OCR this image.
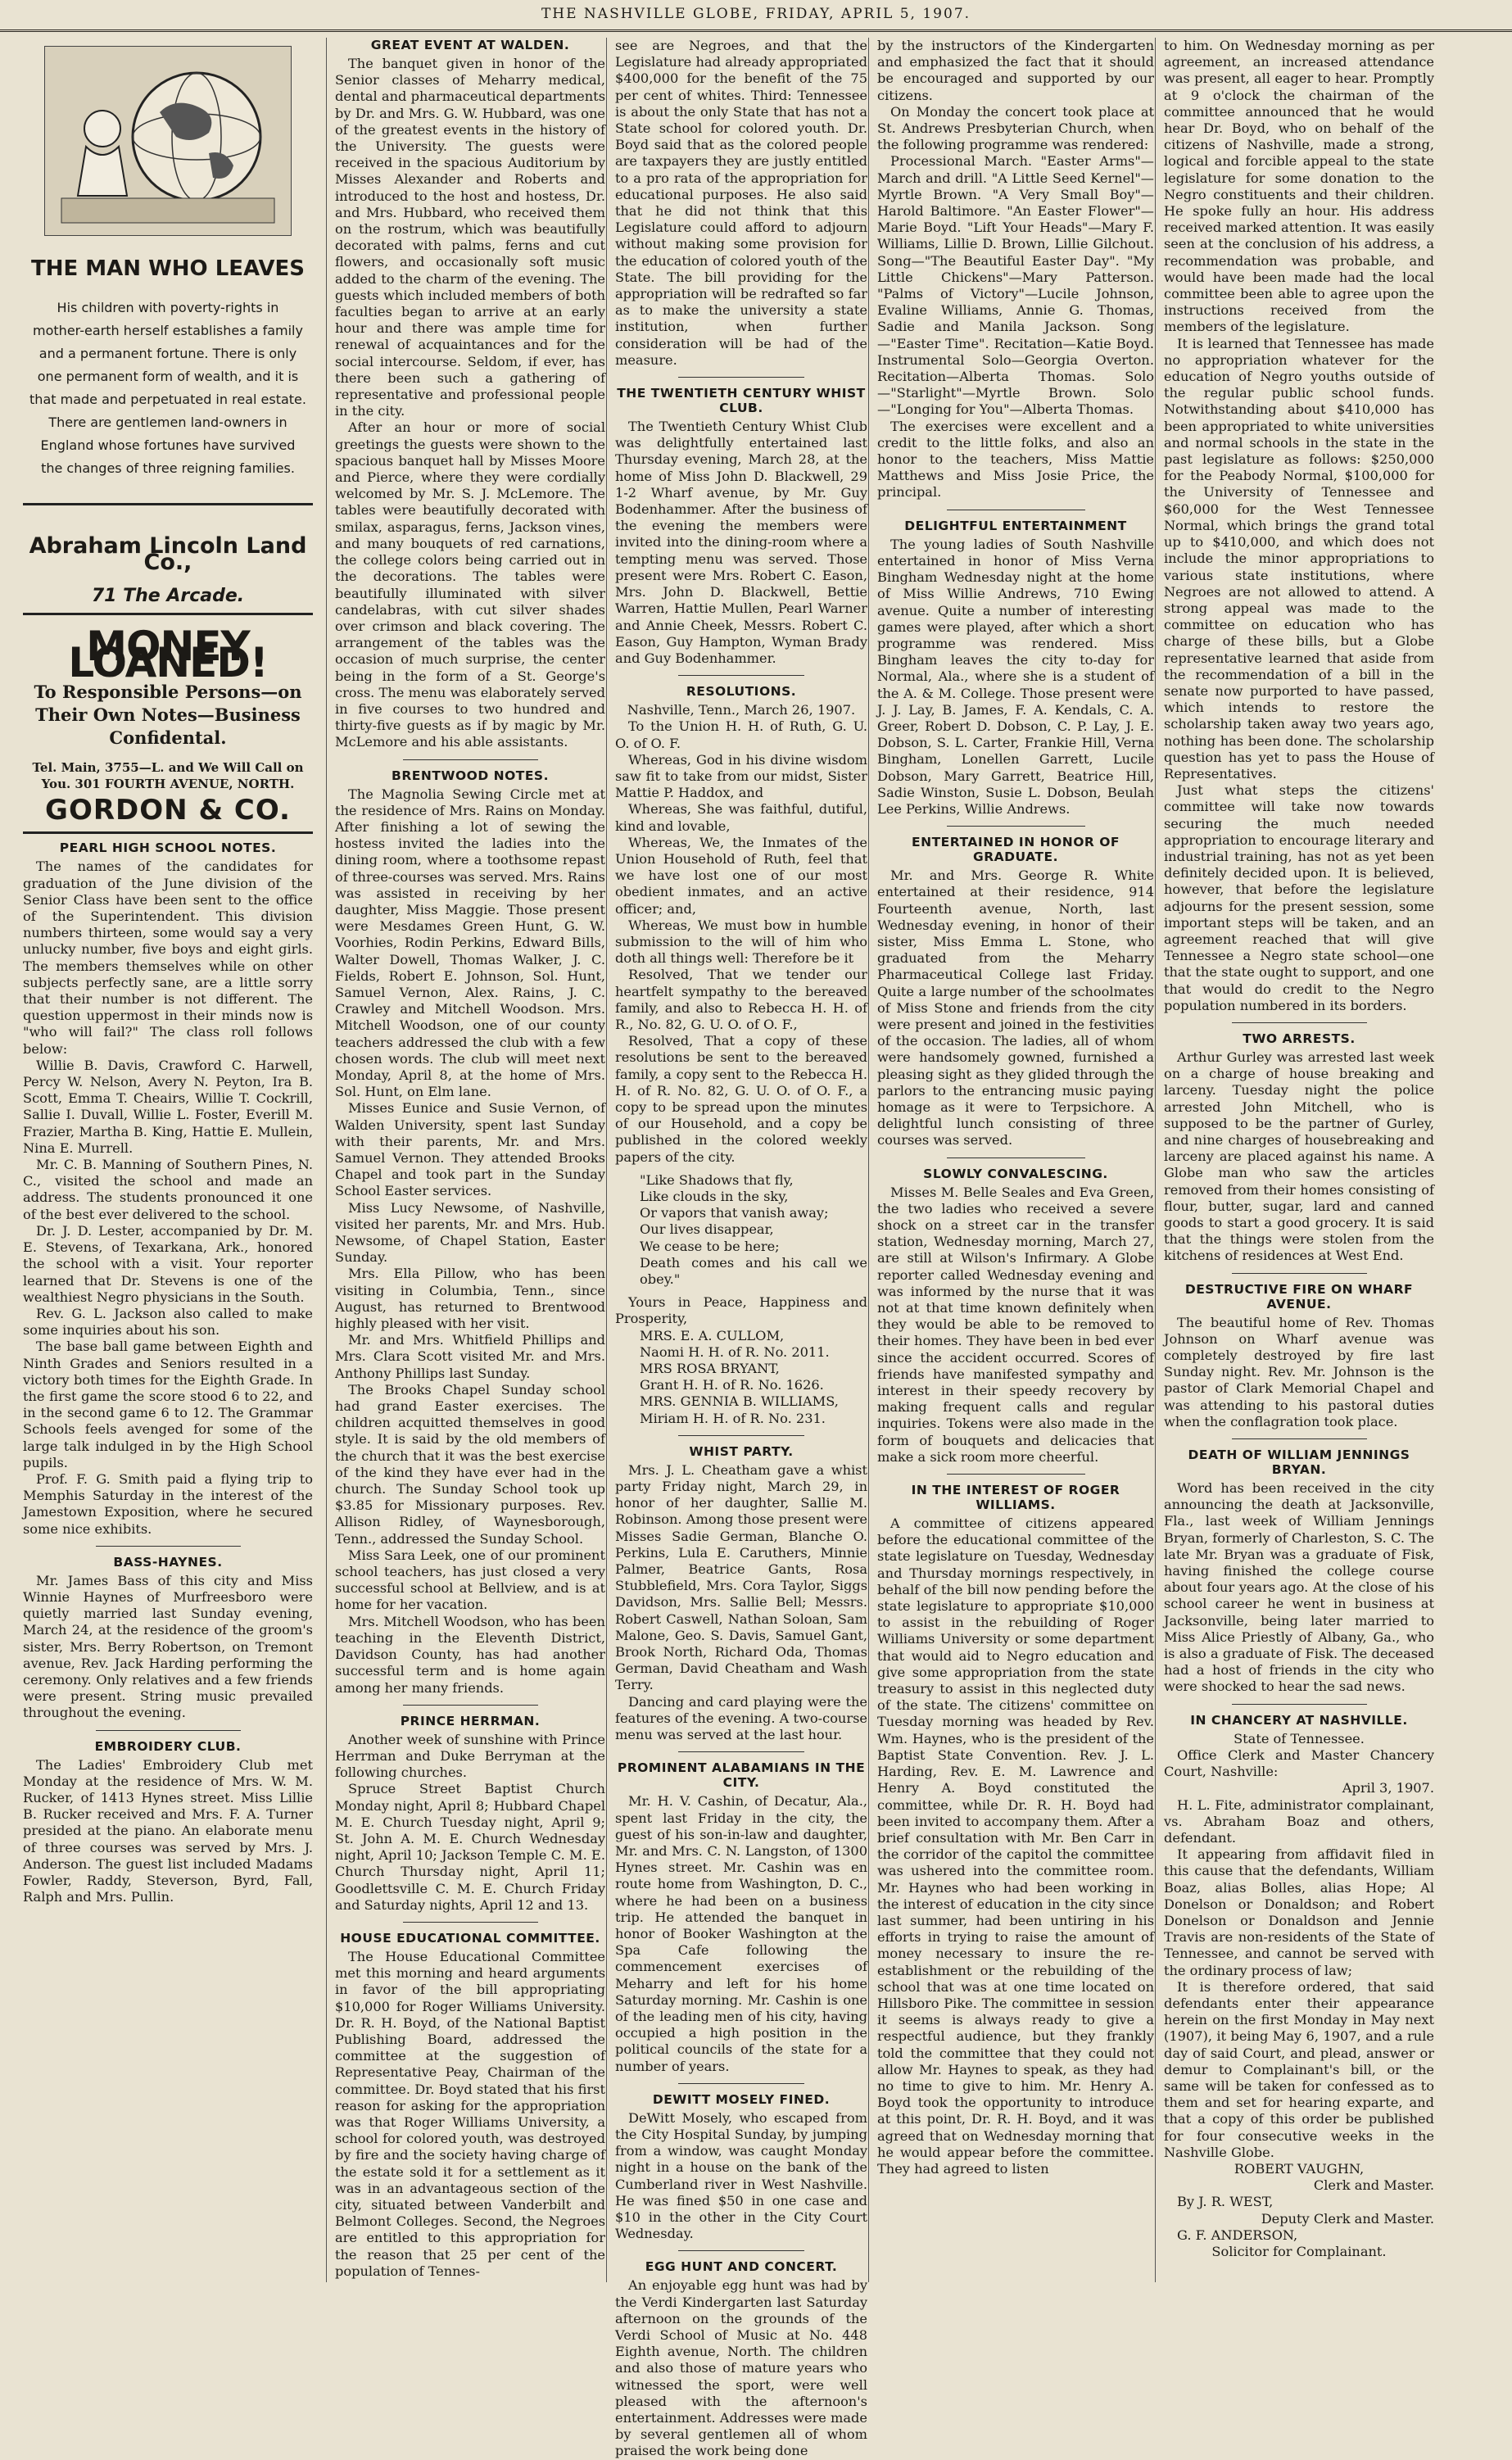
THE NASHVILLE GLOBE, FRIDAY, APRIL 5, 1907.
THE MAN WHO LEAVES
His children with poverty-rights in mother-earth herself establishes a family and a permanent fortune. There is only one permanent form of wealth, and it is that made and perpetuated in real estate. There are gentlemen land-owners in England whose fortunes have survived the changes of three reigning families.
Abraham Lincoln Land Co.,
71 The Arcade.
MONEY LOANED!
To Responsible Persons—on Their Own Notes—Business Confidental.
Tel. Main, 3755—L. and We Will Call on You. 301 FOURTH AVENUE, NORTH.
GORDON & CO.
PEARL HIGH SCHOOL NOTES.

The names of the candidates for graduation of the June division of the Senior Class have been sent to the office of the Superintendent. This division numbers thirteen, some would say a very unlucky number, five boys and eight girls. The members themselves while on other subjects perfectly sane, are a little sorry that their number is not different. The question uppermost in their minds now is "who will fail?" The class roll follows below:

Willie B. Davis, Crawford C. Harwell, Percy W. Nelson, Avery N. Peyton, Ira B. Scott, Emma T. Cheairs, Willie T. Cockrill, Sallie I. Duvall, Willie L. Foster, Everill M. Frazier, Martha B. King, Hattie E. Mullein, Nina E. Murrell.

Mr. C. B. Manning of Southern Pines, N. C., visited the school and made an address. The students pronounced it one of the best ever delivered to the school.

Dr. J. D. Lester, accompanied by Dr. M. E. Stevens, of Texarkana, Ark., honored the school with a visit. Your reporter learned that Dr. Stevens is one of the wealthiest Negro physicians in the South.

Rev. G. L. Jackson also called to make some inquiries about his son.

The base ball game between Eighth and Ninth Grades and Seniors resulted in a victory both times for the Eighth Grade. In the first game the score stood 6 to 22, and in the second game 6 to 12. The Grammar Schools feels avenged for some of the large talk indulged in by the High School pupils.

Prof. F. G. Smith paid a flying trip to Memphis Saturday in the interest of the Jamestown Exposition, where he secured some nice exhibits.

BASS-HAYNES.

Mr. James Bass of this city and Miss Winnie Haynes of Murfreesboro were quietly married last Sunday evening, March 24, at the residence of the groom's sister, Mrs. Berry Robertson, on Tremont avenue, Rev. Jack Harding performing the ceremony. Only relatives and a few friends were present. String music prevailed throughout the evening.

EMBROIDERY CLUB.

The Ladies' Embroidery Club met Monday at the residence of Mrs. W. M. Rucker, of 1413 Hynes street. Miss Lillie B. Rucker received and Mrs. F. A. Turner presided at the piano. An elaborate menu of three courses was served by Mrs. J. Anderson. The guest list included Madams Fowler, Raddy, Steverson, Byrd, Fall, Ralph and Mrs. Pullin.

GREAT EVENT AT WALDEN.

The banquet given in honor of the Senior classes of Meharry medical, dental and pharmaceutical departments by Dr. and Mrs. G. W. Hubbard, was one of the greatest events in the history of the University. The guests were received in the spacious Auditorium by Misses Alexander and Roberts and introduced to the host and hostess, Dr. and Mrs. Hubbard, who received them on the rostrum, which was beautifully decorated with palms, ferns and cut flowers, and occasionally soft music added to the charm of the evening. The guests which included members of both faculties began to arrive at an early hour and there was ample time for renewal of acquaintances and for the social intercourse. Seldom, if ever, has there been such a gathering of representative and professional people in the city.

After an hour or more of social greetings the guests were shown to the spacious banquet hall by Misses Moore and Pierce, where they were cordially welcomed by Mr. S. J. McLemore. The tables were beautifully decorated with smilax, asparagus, ferns, Jackson vines, and many bouquets of red carnations, the college colors being carried out in the decorations. The tables were beautifully illuminated with silver candelabras, with cut silver shades over crimson and black covering. The arrangement of the tables was the occasion of much surprise, the center being in the form of a St. George's cross. The menu was elaborately served in five courses to two hundred and thirty-five guests as if by magic by Mr. McLemore and his able assistants.

BRENTWOOD NOTES.

The Magnolia Sewing Circle met at the residence of Mrs. Rains on Monday. After finishing a lot of sewing the hostess invited the ladies into the dining room, where a toothsome repast of three-courses was served. Mrs. Rains was assisted in receiving by her daughter, Miss Maggie. Those present were Mesdames Green Hunt, G. W. Voorhies, Rodin Perkins, Edward Bills, Walter Dowell, Thomas Walker, J. C. Fields, Robert E. Johnson, Sol. Hunt, Samuel Vernon, Alex. Rains, J. C. Crawley and Mitchell Woodson. Mrs. Mitchell Woodson, one of our county teachers addressed the club with a few chosen words. The club will meet next Monday, April 8, at the home of Mrs. Sol. Hunt, on Elm lane.

Misses Eunice and Susie Vernon, of Walden University, spent last Sunday with their parents, Mr. and Mrs. Samuel Vernon. They attended Brooks Chapel and took part in the Sunday School Easter services.

Miss Lucy Newsome, of Nashville, visited her parents, Mr. and Mrs. Hub. Newsome, of Chapel Station, Easter Sunday.

Mrs. Ella Pillow, who has been visiting in Columbia, Tenn., since August, has returned to Brentwood highly pleased with her visit.

Mr. and Mrs. Whitfield Phillips and Mrs. Clara Scott visited Mr. and Mrs. Anthony Phillips last Sunday.

The Brooks Chapel Sunday school had grand Easter exercises. The children acquitted themselves in good style. It is said by the old members of the church that it was the best exercise of the kind they have ever had in the church. The Sunday School took up $3.85 for Missionary purposes. Rev. Allison Ridley, of Waynesborough, Tenn., addressed the Sunday School.

Miss Sara Leek, one of our prominent school teachers, has just closed a very successful school at Bellview, and is at home for her vacation.

Mrs. Mitchell Woodson, who has been teaching in the Eleventh District, Davidson County, has had another successful term and is home again among her many friends.

PRINCE HERRMAN.

Another week of sunshine with Prince Herrman and Duke Berryman at the following churches.

Spruce Street Baptist Church Monday night, April 8; Hubbard Chapel M. E. Church Tuesday night, April 9; St. John A. M. E. Church Wednesday night, April 10; Jackson Temple C. M. E. Church Thursday night, April 11; Goodlettsville C. M. E. Church Friday and Saturday nights, April 12 and 13.

HOUSE EDUCATIONAL COMMITTEE.

The House Educational Committee met this morning and heard arguments in favor of the bill appropriating $10,000 for Roger Williams University. Dr. R. H. Boyd, of the National Baptist Publishing Board, addressed the committee at the suggestion of Representative Peay, Chairman of the committee. Dr. Boyd stated that his first reason for asking for the appropriation was that Roger Williams University, a school for colored youth, was destroyed by fire and the society having charge of the estate sold it for a settlement as it was in an advantageous section of the city, situated between Vanderbilt and Belmont Colleges. Second, the Negroes are entitled to this appropriation for the reason that 25 per cent of the population of Tennes-

see are Negroes, and that the Legislature had already appropriated $400,000 for the benefit of the 75 per cent of whites. Third: Tennessee is about the only State that has not a State school for colored youth. Dr. Boyd said that as the colored people are taxpayers they are justly entitled to a pro rata of the appropriation for educational purposes. He also said that he did not think that this Legislature could afford to adjourn without making some provision for the education of colored youth of the State. The bill providing for the appropriation will be redrafted so far as to make the university a state institution, when further consideration will be had of the measure.

THE TWENTIETH CENTURY WHIST CLUB.

The Twentieth Century Whist Club was delightfully entertained last Thursday evening, March 28, at the home of Miss John D. Blackwell, 29 1-2 Wharf avenue, by Mr. Guy Bodenhammer. After the business of the evening the members were invited into the dining-room where a tempting menu was served. Those present were Mrs. Robert C. Eason, Mrs. John D. Blackwell, Bettie Warren, Hattie Mullen, Pearl Warner and Annie Cheek, Messrs. Robert C. Eason, Guy Hampton, Wyman Brady and Guy Bodenhammer.

RESOLUTIONS.

Nashville, Tenn., March 26, 1907.

To the Union H. H. of Ruth, G. U. O. of O. F.

Whereas, God in his divine wisdom saw fit to take from our midst, Sister Mattie P. Haddox, and

Whereas, She was faithful, dutiful, kind and lovable,

Whereas, We, the Inmates of the Union Household of Ruth, feel that we have lost one of our most obedient inmates, and an active officer; and,

Whereas, We must bow in humble submission to the will of him who doth all things well: Therefore be it

Resolved, That we tender our heartfelt sympathy to the bereaved family, and also to Rebecca H. H. of R., No. 82, G. U. O. of O. F.,

Resolved, That a copy of these resolutions be sent to the bereaved family, a copy sent to the Rebecca H. H. of R. No. 82, G. U. O. of O. F., a copy to be spread upon the minutes of our Household, and a copy be published in the colored weekly papers of the city.

"Like Shadows that fly,
Like clouds in the sky,
Or vapors that vanish away;
Our lives disappear,
We cease to be here;
Death comes and his call we obey."

Yours in Peace, Happiness and Prosperity,

MRS. E. A. CULLOM,
Naomi H. H. of R. No. 2011.
MRS ROSA BRYANT,
Grant H. H. of R. No. 1626.
MRS. GENNIA B. WILLIAMS,
Miriam H. H. of R. No. 231.
WHIST PARTY.

Mrs. J. L. Cheatham gave a whist party Friday night, March 29, in honor of her daughter, Sallie M. Robinson. Among those present were Misses Sadie German, Blanche O. Perkins, Lula E. Caruthers, Minnie Palmer, Beatrice Gants, Rosa Stubblefield, Mrs. Cora Taylor, Siggs Davidson, Mrs. Sallie Bell; Messrs. Robert Caswell, Nathan Soloan, Sam Malone, Geo. S. Davis, Samuel Gant, Brook North, Richard Oda, Thomas German, David Cheatham and Wash Terry.

Dancing and card playing were the features of the evening. A two-course menu was served at the last hour.

PROMINENT ALABAMIANS IN THE CITY.

Mr. H. V. Cashin, of Decatur, Ala., spent last Friday in the city, the guest of his son-in-law and daughter, Mr. and Mrs. C. N. Langston, of 1300 Hynes street. Mr. Cashin was en route home from Washington, D. C., where he had been on a business trip. He attended the banquet in honor of Booker Washington at the Spa Cafe following the commencement exercises of Meharry and left for his home Saturday morning. Mr. Cashin is one of the leading men of his city, having occupied a high position in the political councils of the state for a number of years.

DEWITT MOSELY FINED.

DeWitt Mosely, who escaped from the City Hospital Sunday, by jumping from a window, was caught Monday night in a house on the bank of the Cumberland river in West Nashville. He was fined $50 in one case and $10 in the other in the City Court Wednesday.

EGG HUNT AND CONCERT.

An enjoyable egg hunt was had by the Verdi Kindergarten last Saturday afternoon on the grounds of the Verdi School of Music at No. 448 Eighth avenue, North. The children and also those of mature years who witnessed the sport, were well pleased with the afternoon's entertainment. Addresses were made by several gentlemen all of whom praised the work being done

by the instructors of the Kindergarten and emphasized the fact that it should be encouraged and supported by our citizens.

On Monday the concert took place at St. Andrews Presbyterian Church, when the following programme was rendered:

Processional March. "Easter Arms"—March and drill. "A Little Seed Kernel"—Myrtle Brown. "A Very Small Boy"—Harold Baltimore. "An Easter Flower"—Marie Boyd. "Lift Your Heads"—Mary F. Williams, Lillie D. Brown, Lillie Gilchout. Song—"The Beautiful Easter Day". "My Little Chickens"—Mary Patterson. "Palms of Victory"—Lucile Johnson, Evaline Williams, Annie G. Thomas, Sadie and Manila Jackson. Song—"Easter Time". Recitation—Katie Boyd. Instrumental Solo—Georgia Overton. Recitation—Alberta Thomas. Solo—"Starlight"—Myrtle Brown. Solo—"Longing for You"—Alberta Thomas.

The exercises were excellent and a credit to the little folks, and also an honor to the teachers, Miss Mattie Matthews and Miss Josie Price, the principal.

DELIGHTFUL ENTERTAINMENT

The young ladies of South Nashville entertained in honor of Miss Verna Bingham Wednesday night at the home of Miss Willie Andrews, 710 Ewing avenue. Quite a number of interesting games were played, after which a short programme was rendered. Miss Bingham leaves the city to-day for Normal, Ala., where she is a student of the A. & M. College. Those present were J. J. Lay, B. James, F. A. Kendals, C. A. Greer, Robert D. Dobson, C. P. Lay, J. E. Dobson, S. L. Carter, Frankie Hill, Verna Bingham, Lonellen Garrett, Lucile Dobson, Mary Garrett, Beatrice Hill, Sadie Winston, Susie L. Dobson, Beulah Lee Perkins, Willie Andrews.

ENTERTAINED IN HONOR OF GRADUATE.

Mr. and Mrs. George R. White entertained at their residence, 914 Fourteenth avenue, North, last Wednesday evening, in honor of their sister, Miss Emma L. Stone, who graduated from the Meharry Pharmaceutical College last Friday. Quite a large number of the schoolmates of Miss Stone and friends from the city were present and joined in the festivities of the occasion. The ladies, all of whom were handsomely gowned, furnished a pleasing sight as they glided through the parlors to the entrancing music paying homage as it were to Terpsichore. A delightful lunch consisting of three courses was served.

SLOWLY CONVALESCING.

Misses M. Belle Seales and Eva Green, the two ladies who received a severe shock on a street car in the transfer station, Wednesday morning, March 27, are still at Wilson's Infirmary. A Globe reporter called Wednesday evening and was informed by the nurse that it was not at that time known definitely when they would be able to be removed to their homes. They have been in bed ever since the accident occurred. Scores of friends have manifested sympathy and interest in their speedy recovery by making frequent calls and regular inquiries. Tokens were also made in the form of bouquets and delicacies that make a sick room more cheerful.

IN THE INTEREST OF ROGER WILLIAMS.

A committee of citizens appeared before the educational committee of the state legislature on Tuesday, Wednesday and Thursday mornings respectively, in behalf of the bill now pending before the state legislature to appropriate $10,000 to assist in the rebuilding of Roger Williams University or some department that would aid to Negro education and give some appropriation from the state treasury to assist in this neglected duty of the state. The citizens' committee on Tuesday morning was headed by Rev. Wm. Haynes, who is the president of the Baptist State Convention. Rev. J. L. Harding, Rev. E. M. Lawrence and Henry A. Boyd constituted the committee, while Dr. R. H. Boyd had been invited to accompany them. After a brief consultation with Mr. Ben Carr in the corridor of the capitol the committee was ushered into the committee room. Mr. Haynes who had been working in the interest of education in the city since last summer, had been untiring in his efforts in trying to raise the amount of money necessary to insure the re-establishment or the rebuilding of the school that was at one time located on Hillsboro Pike. The committee in session it seems is always ready to give a respectful audience, but they frankly told the committee that they could not allow Mr. Haynes to speak, as they had no time to give to him. Mr. Henry A. Boyd took the opportunity to introduce at this point, Dr. R. H. Boyd, and it was agreed that on Wednesday morning that he would appear before the committee. They had agreed to listen

to him. On Wednesday morning as per agreement, an increased attendance was present, all eager to hear. Promptly at 9 o'clock the chairman of the committee announced that he would hear Dr. Boyd, who on behalf of the citizens of Nashville, made a strong, logical and forcible appeal to the state legislature for some donation to the Negro constituents and their children. He spoke fully an hour. His address received marked attention. It was easily seen at the conclusion of his address, a recommendation was probable, and would have been made had the local committee been able to agree upon the instructions received from the members of the legislature.

It is learned that Tennessee has made no appropriation whatever for the education of Negro youths outside of the regular public school funds. Notwithstanding about $410,000 has been appropriated to white universities and normal schools in the state in the past legislature as follows: $250,000 for the Peabody Normal, $100,000 for the University of Tennessee and $60,000 for the West Tennessee Normal, which brings the grand total up to $410,000, and which does not include the minor appropriations to various state institutions, where Negroes are not allowed to attend. A strong appeal was made to the committee on education who has charge of these bills, but a Globe representative learned that aside from the recommendation of a bill in the senate now purported to have passed, which intends to restore the scholarship taken away two years ago, nothing has been done. The scholarship question has yet to pass the House of Representatives.

Just what steps the citizens' committee will take now towards securing the much needed appropriation to encourage literary and industrial training, has not as yet been definitely decided upon. It is believed, however, that before the legislature adjourns for the present session, some important steps will be taken, and an agreement reached that will give Tennessee a Negro state school—one that the state ought to support, and one that would do credit to the Negro population numbered in its borders.

TWO ARRESTS.

Arthur Gurley was arrested last week on a charge of house breaking and larceny. Tuesday night the police arrested John Mitchell, who is supposed to be the partner of Gurley, and nine charges of housebreaking and larceny are placed against his name. A Globe man who saw the articles removed from their homes consisting of flour, butter, sugar, lard and canned goods to start a good grocery. It is said that the things were stolen from the kitchens of residences at West End.

DESTRUCTIVE FIRE ON WHARF AVENUE.

The beautiful home of Rev. Thomas Johnson on Wharf avenue was completely destroyed by fire last Sunday night. Rev. Mr. Johnson is the pastor of Clark Memorial Chapel and was attending to his pastoral duties when the conflagration took place.

DEATH OF WILLIAM JENNINGS BRYAN.

Word has been received in the city announcing the death at Jacksonville, Fla., last week of William Jennings Bryan, formerly of Charleston, S. C. The late Mr. Bryan was a graduate of Fisk, having finished the college course about four years ago. At the close of his school career he went in business at Jacksonville, being later married to Miss Alice Priestly of Albany, Ga., who is also a graduate of Fisk. The deceased had a host of friends in the city who were shocked to hear the sad news.

IN CHANCERY AT NASHVILLE.

State of Tennessee.

Office Clerk and Master Chancery Court, Nashville:

April 3, 1907.

H. L. Fite, administrator complainant, vs. Abraham Boaz and others, defendant.

It appearing from affidavit filed in this cause that the defendants, William Boaz, alias Bolles, alias Hope; Al Donelson or Donaldson; and Robert Donelson or Donaldson and Jennie Travis are non-residents of the State of Tennessee, and cannot be served with the ordinary process of law;

It is therefore ordered, that said defendants enter their appearance herein on the first Monday in May next (1907), it being May 6, 1907, and a rule day of said Court, and plead, answer or demur to Complainant's bill, or the same will be taken for confessed as to them and set for hearing exparte, and that a copy of this order be published for four consecutive weeks in the Nashville Globe.

ROBERT VAUGHN,

Clerk and Master.

By J. R. WEST,

Deputy Clerk and Master.

G. F. ANDERSON,

Solicitor for Complainant.
